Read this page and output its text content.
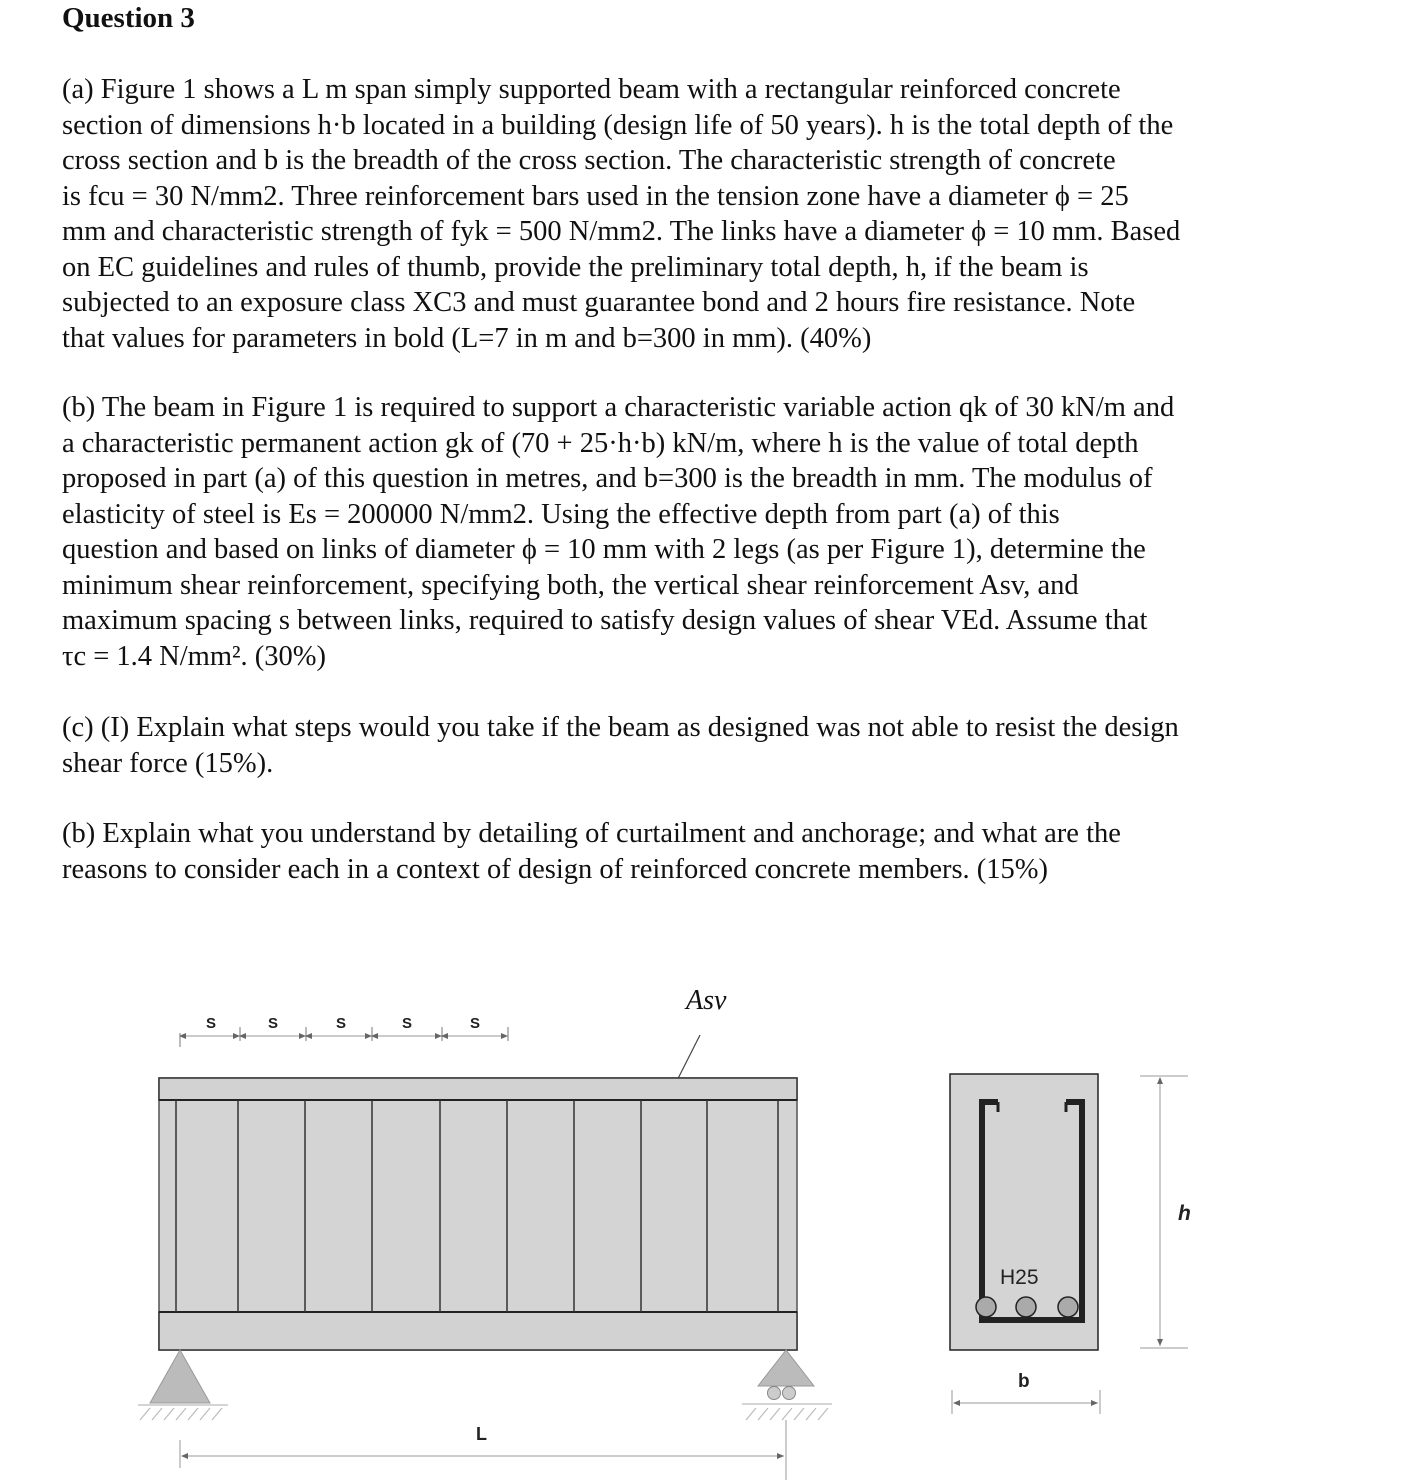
Question 3
(a) Figure 1 shows a L m span simply supported beam with a rectangular reinforced concrete
section of dimensions h·b located in a building (design life of 50 years). h is the total depth of the
cross section and b is the breadth of the cross section. The characteristic strength of concrete
is fcu = 30 N/mm2. Three reinforcement bars used in the tension zone have a diameter ϕ = 25
mm and characteristic strength of fyk = 500 N/mm2. The links have a diameter ϕ = 10 mm. Based
on EC guidelines and rules of thumb, provide the preliminary total depth, h, if the beam is
subjected to an exposure class XC3 and must guarantee bond and 2 hours fire resistance. Note
that values for parameters in bold (L=7 in m and b=300 in mm). (40%)
(b) The beam in Figure 1 is required to support a characteristic variable action qk of 30 kN/m and
a characteristic permanent action gk of (70 + 25·h·b) kN/m, where h is the value of total depth
proposed in part (a) of this question in metres, and b=300 is the breadth in mm. The modulus of
elasticity of steel is Es = 200000 N/mm2. Using the effective depth from part (a) of this
question and based on links of diameter ϕ = 10 mm with 2 legs (as per Figure 1), determine the
minimum shear reinforcement, specifying both, the vertical shear reinforcement Asv, and
maximum spacing s between links, required to satisfy design values of shear VEd. Assume that
τc = 1.4 N/mm². (30%)
(c) (I) Explain what steps would you take if the beam as designed was not able to resist the design
shear force (15%).
(b) Explain what you understand by detailing of curtailment and anchorage; and what are the
reasons to consider each in a context of design of reinforced concrete members. (15%)
S	S	S	S	S
Asv
L
H25
b
h
